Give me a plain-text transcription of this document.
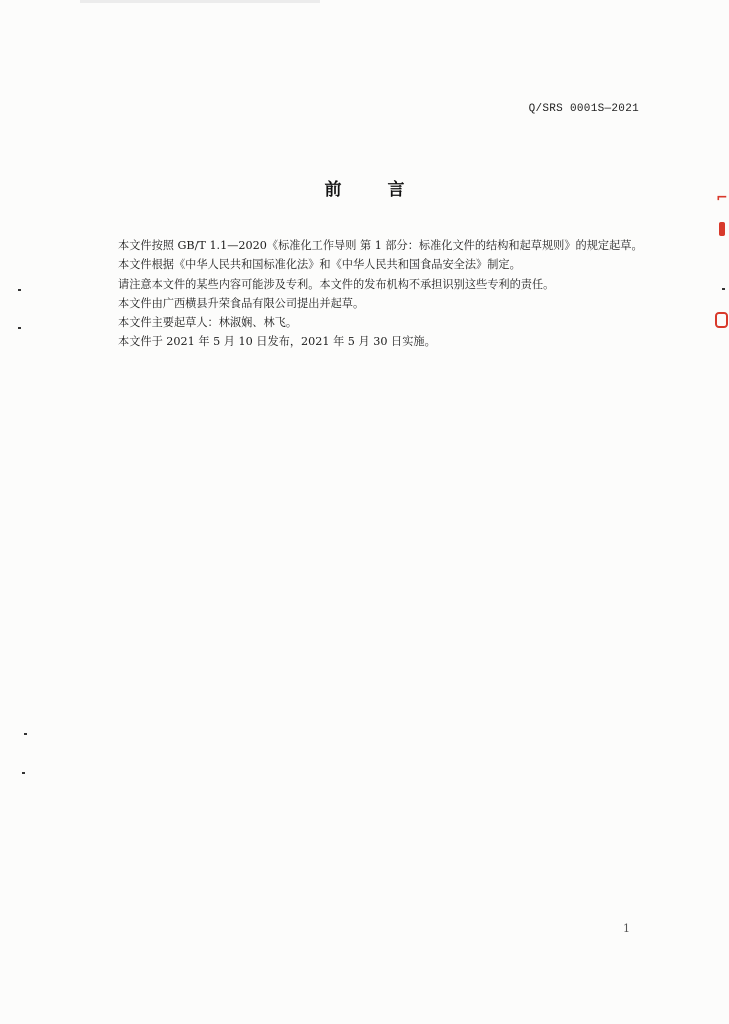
Q/SRS 0001S—2021
前 言

本文件按照 GB/T 1.1—2020《标准化工作导则 第 1 部分：标准化文件的结构和起草规则》的规定起草。

本文件根据《中华人民共和国标准化法》和《中华人民共和国食品安全法》制定。

请注意本文件的某些内容可能涉及专利。本文件的发布机构不承担识别这些专利的责任。

本文件由广西横县升荣食品有限公司提出并起草。

本文件主要起草人：林淑娴、林飞。

本文件于 2021 年 5 月 10 日发布，2021 年 5 月 30 日实施。

1
⌐
